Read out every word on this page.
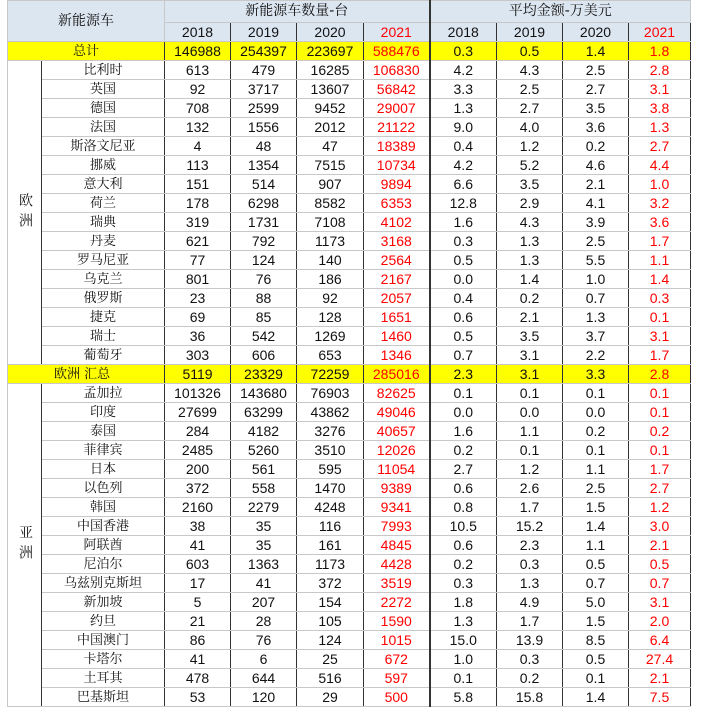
新能源车		新能源车数量-台				平均金额-万美元			
		2018	2019	2020	2021	2018	2019	2020	2021
总计		146988	254397	223697	588476	0.3	0.5	1.4	1.8
欧洲	比利时	613	479	16285	106830	4.2	4.3	2.5	2.8
	英国	92	3717	13607	56842	3.3	2.5	2.7	3.1
	德国	708	2599	9452	29007	1.3	2.7	3.5	3.8
	法国	132	1556	2012	21122	9.0	4.0	3.6	1.3
	斯洛文尼亚	4	48	47	18389	0.4	1.2	0.2	2.7
	挪威	113	1354	7515	10734	4.2	5.2	4.6	4.4
	意大利	151	514	907	9894	6.6	3.5	2.1	1.0
	荷兰	178	6298	8582	6353	12.8	2.9	4.1	3.2
	瑞典	319	1731	7108	4102	1.6	4.3	3.9	3.6
	丹麦	621	792	1173	3168	0.3	1.3	2.5	1.7
	罗马尼亚	77	124	140	2564	0.5	1.3	5.5	1.1
	乌克兰	801	76	186	2167	0.0	1.4	1.0	1.4
	俄罗斯	23	88	92	2057	0.4	0.2	0.7	0.3
	捷克	69	85	128	1651	0.6	2.1	1.3	0.1
	瑞士	36	542	1269	1460	0.5	3.5	3.7	3.1
	葡萄牙	303	606	653	1346	0.7	3.1	2.2	1.7
欧洲 汇总		5119	23329	72259	285016	2.3	3.1	3.3	2.8
亚洲	孟加拉	101326	143680	76903	82625	0.1	0.1	0.1	0.1
	印度	27699	63299	43862	49046	0.0	0.0	0.0	0.1
	泰国	284	4182	3276	40657	1.6	1.1	0.2	0.2
	菲律宾	2485	5260	3510	12026	0.2	0.1	0.1	0.1
	日本	200	561	595	11054	2.7	1.2	1.1	1.7
	以色列	372	558	1470	9389	0.6	2.6	2.5	2.7
	韩国	2160	2279	4248	9341	0.8	1.7	1.5	1.2
	中国香港	38	35	116	7993	10.5	15.2	1.4	3.0
	阿联酋	41	35	161	4845	0.6	2.3	1.1	2.1
	尼泊尔	603	1363	1173	4428	0.2	0.3	0.5	0.5
	乌兹别克斯坦	17	41	372	3519	0.3	1.3	0.7	0.7
	新加坡	5	207	154	2272	1.8	4.9	5.0	3.1
	约旦	21	28	105	1590	1.3	1.7	1.5	2.0
	中国澳门	86	76	124	1015	15.0	13.9	8.5	6.4
	卡塔尔	41	6	25	672	1.0	0.3	0.5	27.4
	土耳其	478	644	516	597	0.1	0.2	0.1	2.1
	巴基斯坦	53	120	29	500	5.8	15.8	1.4	7.5
